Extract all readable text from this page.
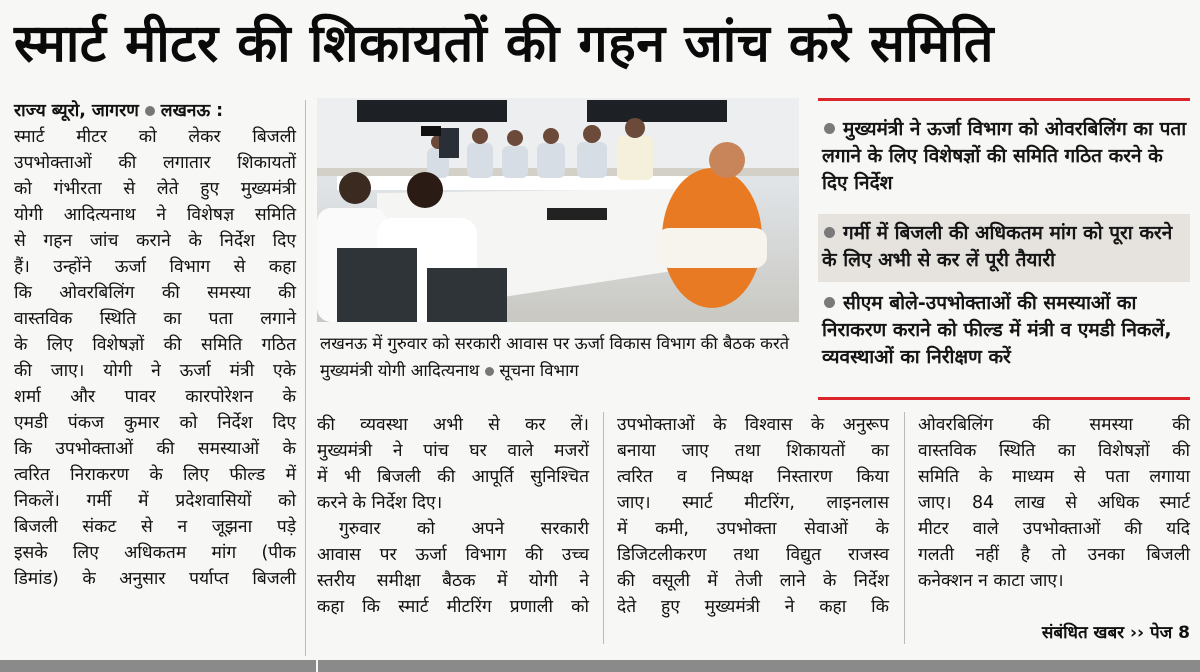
स्मार्ट मीटर की शिकायतों की गहन जांच करे समिति
राज्य ब्यूरो, जागरण लखनऊ :
स्मार्ट मीटर को लेकर बिजली
उपभोक्ताओं की लगातार शिकायतों
को गंभीरता से लेते हुए मुख्यमंत्री
योगी आदित्यनाथ ने विशेषज्ञ समिति
से गहन जांच कराने के निर्देश दिए
हैं। उन्होंने ऊर्जा विभाग से कहा
कि ओवरबिलिंग की समस्या की
वास्तविक स्थिति का पता लगाने
के लिए विशेषज्ञों की समिति गठित
की जाए। योगी ने ऊर्जा मंत्री एके
शर्मा और पावर कारपोरेशन के
एमडी पंकज कुमार को निर्देश दिए
कि उपभोक्ताओं की समस्याओं के
त्वरित निराकरण के लिए फील्ड में
निकलें। गर्मी में प्रदेशवासियों को
बिजली संकट से न जूझना पड़े
इसके लिए अधिकतम मांग (पीक
डिमांड) के अनुसार पर्याप्त बिजली
लखनऊ में गुरुवार को सरकारी आवास पर ऊर्जा विकास विभाग की बैठक करते मुख्यमंत्री योगी आदित्यनाथ सूचना विभाग
मुख्यमंत्री ने ऊर्जा विभाग को ओवरबिलिंग का पता लगाने के लिए विशेषज्ञों की समिति गठित करने के दिए निर्देश
गर्मी में बिजली की अधिकतम मांग को पूरा करने के लिए अभी से कर लें पूरी तैयारी
सीएम बोले-उपभोक्ताओं की समस्याओं का निराकरण कराने को फील्ड में मंत्री व एमडी निकलें, व्यवस्थाओं का निरीक्षण करें
की व्यवस्था अभी से कर लें।
मुख्यमंत्री ने पांच घर वाले मजरों
में भी बिजली की आपूर्ति सुनिश्चित
करने के निर्देश दिए।
गुरुवार को अपने सरकारी
आवास पर ऊर्जा विभाग की उच्च
स्तरीय समीक्षा बैठक में योगी ने
कहा कि स्मार्ट मीटरिंग प्रणाली को
उपभोक्ताओं के विश्वास के अनुरूप
बनाया जाए तथा शिकायतों का
त्वरित व निष्पक्ष निस्तारण किया
जाए। स्मार्ट मीटरिंग, लाइनलास
में कमी, उपभोक्ता सेवाओं के
डिजिटलीकरण तथा विद्युत राजस्व
की वसूली में तेजी लाने के निर्देश
देते हुए मुख्यमंत्री ने कहा कि
ओवरबिलिंग की समस्या की
वास्तविक स्थिति का विशेषज्ञों की
समिति के माध्यम से पता लगाया
जाए। 84 लाख से अधिक स्मार्ट
मीटर वाले उपभोक्ताओं की यदि
गलती नहीं है तो उनका बिजली
कनेक्शन न काटा जाए।
संबंधित खबर ›› पेज 8
